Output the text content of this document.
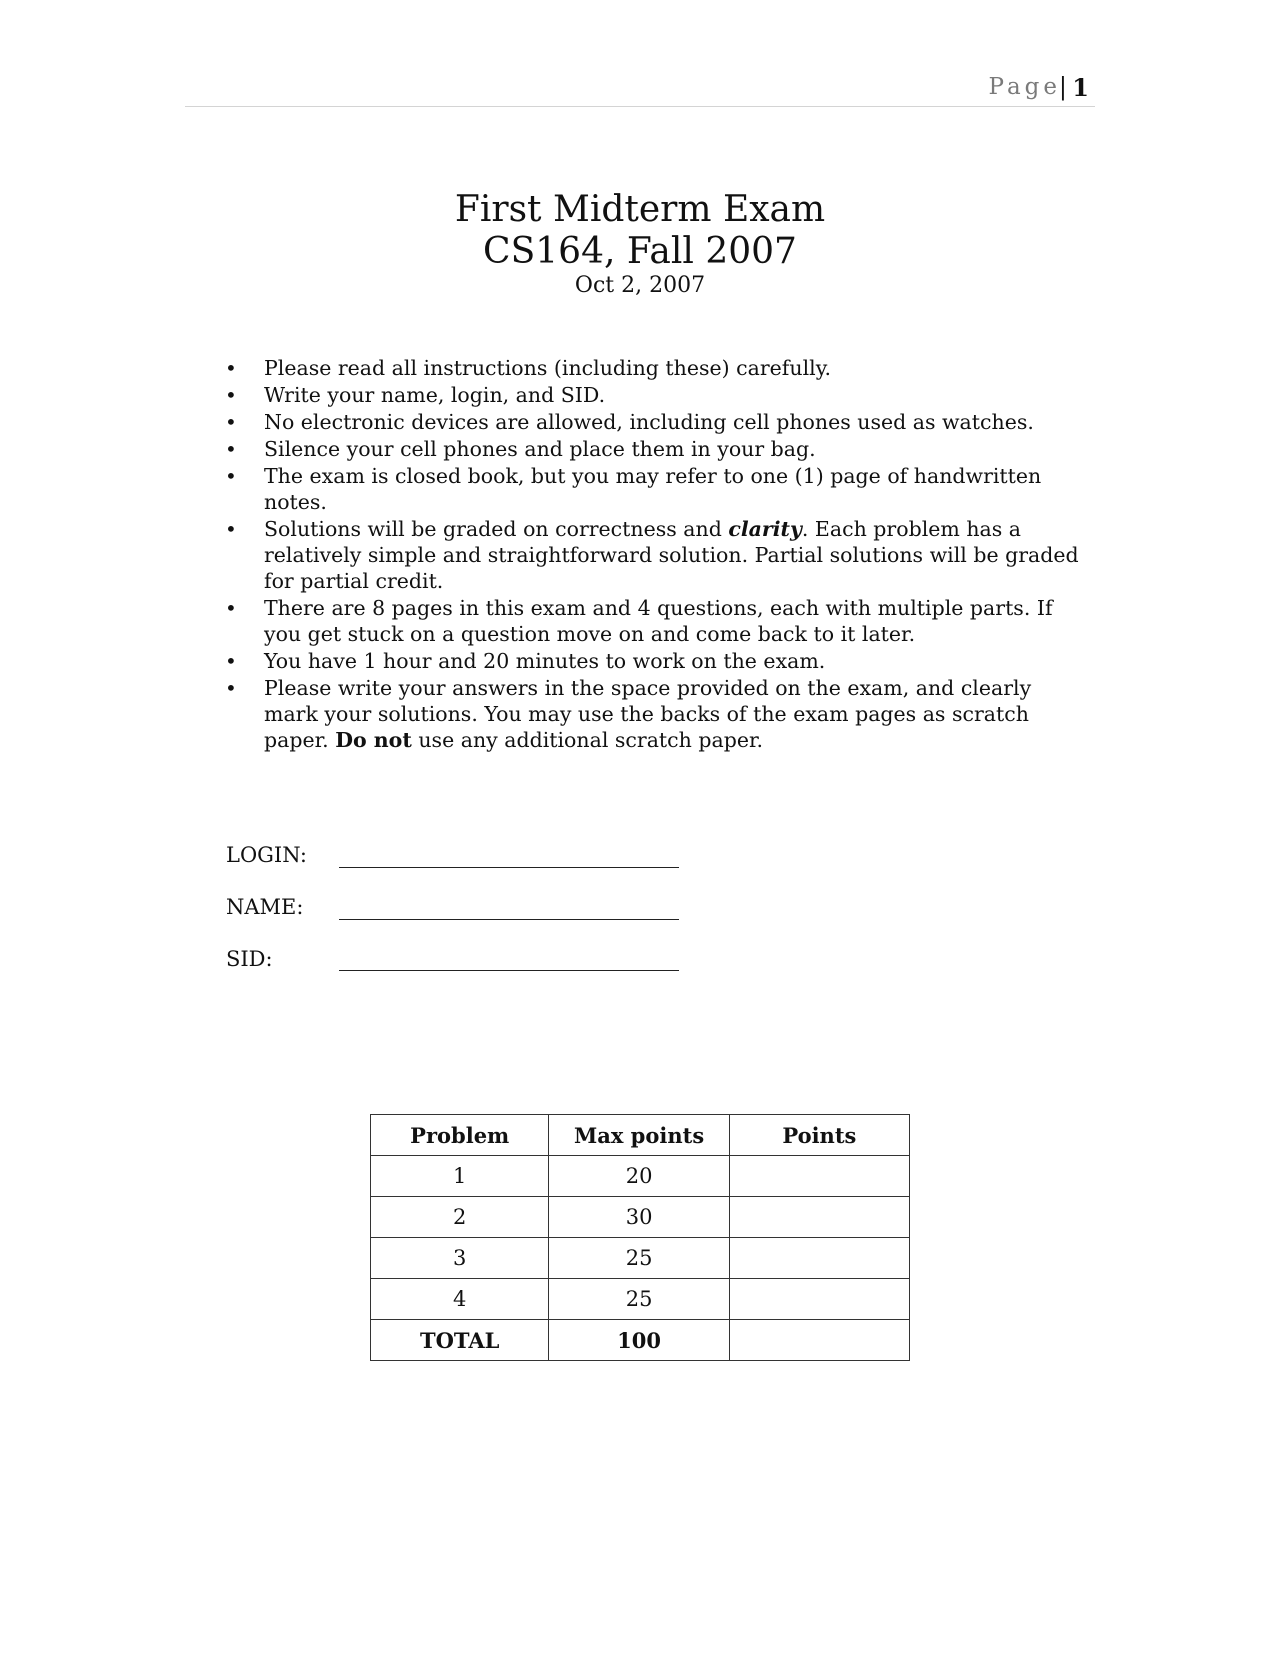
Page
| 1
First Midterm Exam
CS164, Fall 2007
Oct 2, 2007
• Please read all instructions (including these) carefully.
• Write your name, login, and SID.
• No electronic devices are allowed, including cell phones used as watches.
• Silence your cell phones and place them in your bag.
• The exam is closed book, but you may refer to one (1) page of handwritten notes.
• Solutions will be graded on correctness and clarity. Each problem has a relatively simple and straightforward solution. Partial solutions will be graded for partial credit.
• There are 8 pages in this exam and 4 questions, each with multiple parts. If you get stuck on a question move on and come back to it later.
• You have 1 hour and 20 minutes to work on the exam.
• Please write your answers in the space provided on the exam, and clearly mark your solutions. You may use the backs of the exam pages as scratch paper. Do not use any additional scratch paper.
LOGIN:
NAME:
SID:
Problem	Max points	Points
1	20	
2	30	
3	25	
4	25	
TOTAL	100	
